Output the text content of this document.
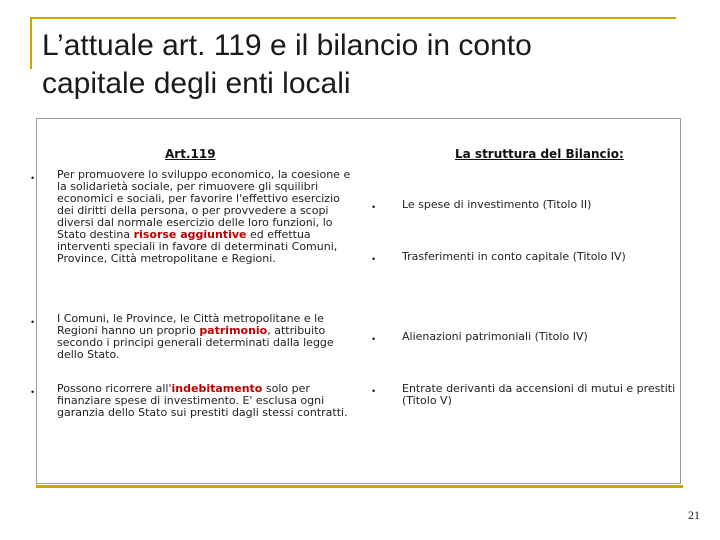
L’attuale art. 119 e il bilancio in conto
capitale degli enti locali
Art.119	La struttura del Bilancio:
• Per promuovere lo sviluppo economico, la coesione e la solidarietà sociale, per rimuovere gli squilibri economici e sociali, per favorire l'effettivo esercizio dei diritti della persona, o per provvedere a scopi diversi dal normale esercizio delle loro funzioni, lo Stato destina risorse aggiuntive ed effettua interventi speciali in favore di determinati Comuni, Province, Città metropolitane e Regioni.
• I Comuni, le Province, le Città metropolitane e le Regioni hanno un proprio patrimonio, attribuito secondo i principi generali determinati dalla legge dello Stato.
• Possono ricorrere all'indebitamento solo per finanziare spese di investimento. E' esclusa ogni garanzia dello Stato sui prestiti dagli stessi contratti.
• Le spese di investimento (Titolo II)
• Trasferimenti in conto capitale (Titolo IV)
• Alienazioni patrimoniali (Titolo IV)
• Entrate derivanti da accensioni di mutui e prestiti (Titolo V)
21
